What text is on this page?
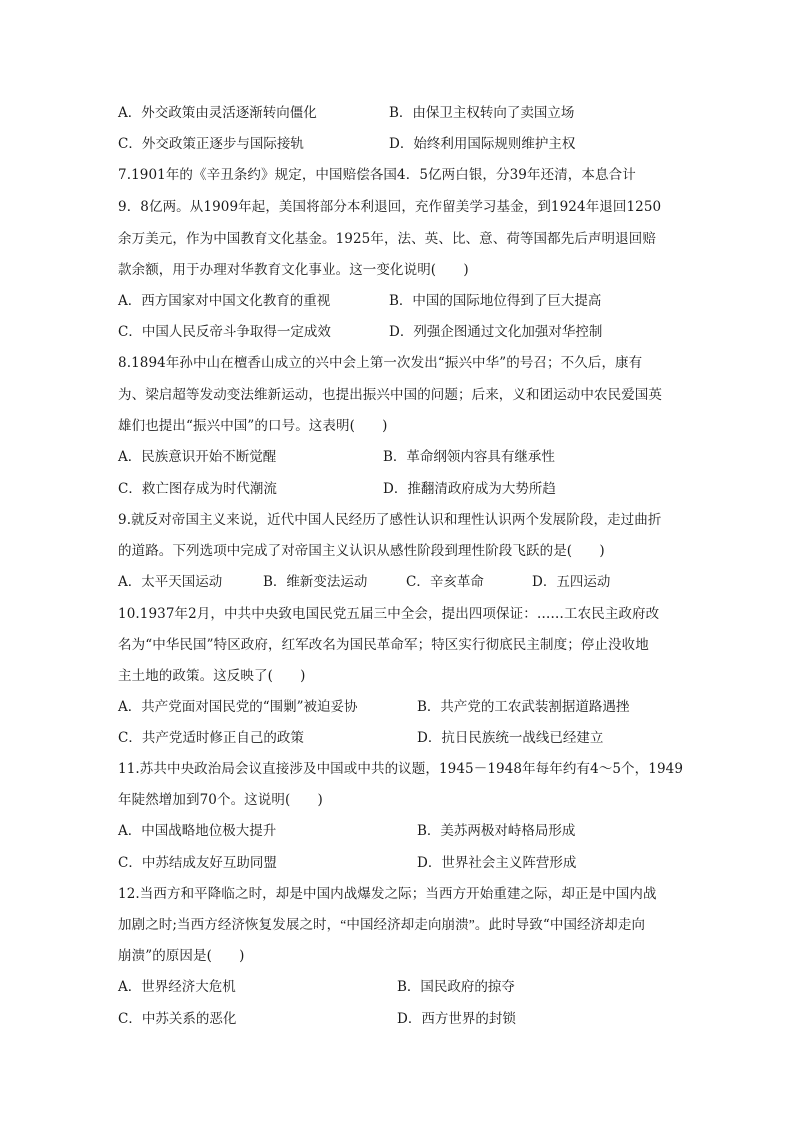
A．外交政策由灵活逐渐转向僵化	B．由保卫主权转向了卖国立场
C．外交政策正逐步与国际接轨	D．始终利用国际规则维护主权
7.1901年的《辛丑条约》规定，中国赔偿各国4．5亿两白银，分39年还清，本息合计
9．8亿两。从1909年起，美国将部分本利退回，充作留美学习基金，到1924年退回1250
余万美元，作为中国教育文化基金。1925年，法、英、比、意、荷等国都先后声明退回赔
款余额，用于办理对华教育文化事业。这一变化说明(　　)
A．西方国家对中国文化教育的重视	B．中国的国际地位得到了巨大提高
C．中国人民反帝斗争取得一定成效	D．列强企图通过文化加强对华控制
8.1894年孙中山在檀香山成立的兴中会上第一次发出“振兴中华”的号召；不久后，康有
为、梁启超等发动变法维新运动，也提出振兴中国的问题；后来，义和团运动中农民爱国英
雄们也提出“振兴中国”的口号。这表明(　　)
A．民族意识开始不断觉醒	B．革命纲领内容具有继承性
C．救亡图存成为时代潮流	D．推翻清政府成为大势所趋
9.就反对帝国主义来说，近代中国人民经历了感性认识和理性认识两个发展阶段，走过曲折
的道路。下列选项中完成了对帝国主义认识从感性阶段到理性阶段飞跃的是(　　)
A．太平天国运动	B．维新变法运动	C．辛亥革命	D．五四运动
10.1937年2月，中共中央致电国民党五届三中全会，提出四项保证：……工农民主政府改
名为“中华民国”特区政府，红军改名为国民革命军；特区实行彻底民主制度；停止没收地
主土地的政策。这反映了(　　)
A．共产党面对国民党的“围剿”被迫妥协	B．共产党的工农武装割据道路遇挫
C．共产党适时修正自己的政策	D．抗日民族统一战线已经建立
11.苏共中央政治局会议直接涉及中国或中共的议题，1945－1948年每年约有4～5个，1949
年陡然增加到70个。这说明(　　)
A．中国战略地位极大提升	B．美苏两极对峙格局形成
C．中苏结成友好互助同盟	D．世界社会主义阵营形成
12.当西方和平降临之时，却是中国内战爆发之际；当西方开始重建之际，却正是中国内战
加剧之时;当西方经济恢复发展之时，“中国经济却走向崩溃”。此时导致“中国经济却走向
崩溃”的原因是(　　)
A．世界经济大危机	B．国民政府的掠夺
C．中苏关系的恶化	D．西方世界的封锁
